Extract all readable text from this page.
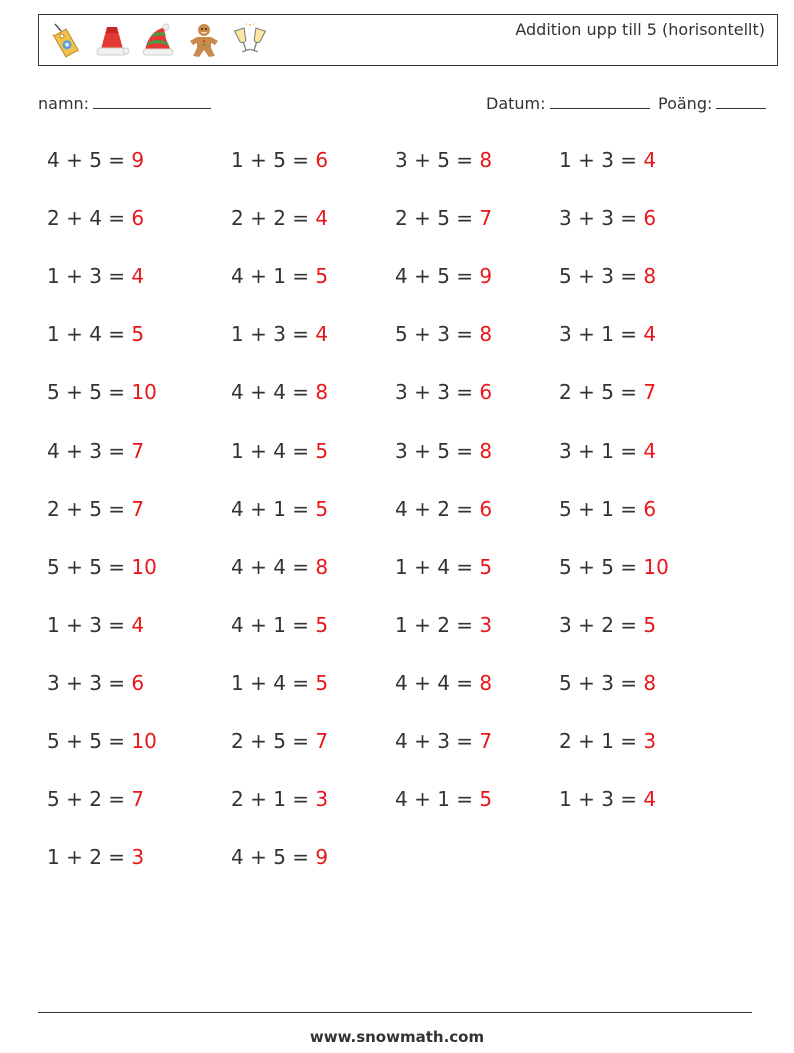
Addition upp till 5 (horisontellt)
namn:	Datum:	Poäng:
4 + 5 = 9
2 + 4 = 6
1 + 3 = 4
1 + 4 = 5
5 + 5 = 10
4 + 3 = 7
2 + 5 = 7
5 + 5 = 10
1 + 3 = 4
3 + 3 = 6
5 + 5 = 10
5 + 2 = 7
1 + 2 = 3
1 + 5 = 6
2 + 2 = 4
4 + 1 = 5
1 + 3 = 4
4 + 4 = 8
1 + 4 = 5
4 + 1 = 5
4 + 4 = 8
4 + 1 = 5
1 + 4 = 5
2 + 5 = 7
2 + 1 = 3
4 + 5 = 9
3 + 5 = 8
2 + 5 = 7
4 + 5 = 9
5 + 3 = 8
3 + 3 = 6
3 + 5 = 8
4 + 2 = 6
1 + 4 = 5
1 + 2 = 3
4 + 4 = 8
4 + 3 = 7
4 + 1 = 5
1 + 3 = 4
3 + 3 = 6
5 + 3 = 8
3 + 1 = 4
2 + 5 = 7
3 + 1 = 4
5 + 1 = 6
5 + 5 = 10
3 + 2 = 5
5 + 3 = 8
2 + 1 = 3
1 + 3 = 4
www.snowmath.com
